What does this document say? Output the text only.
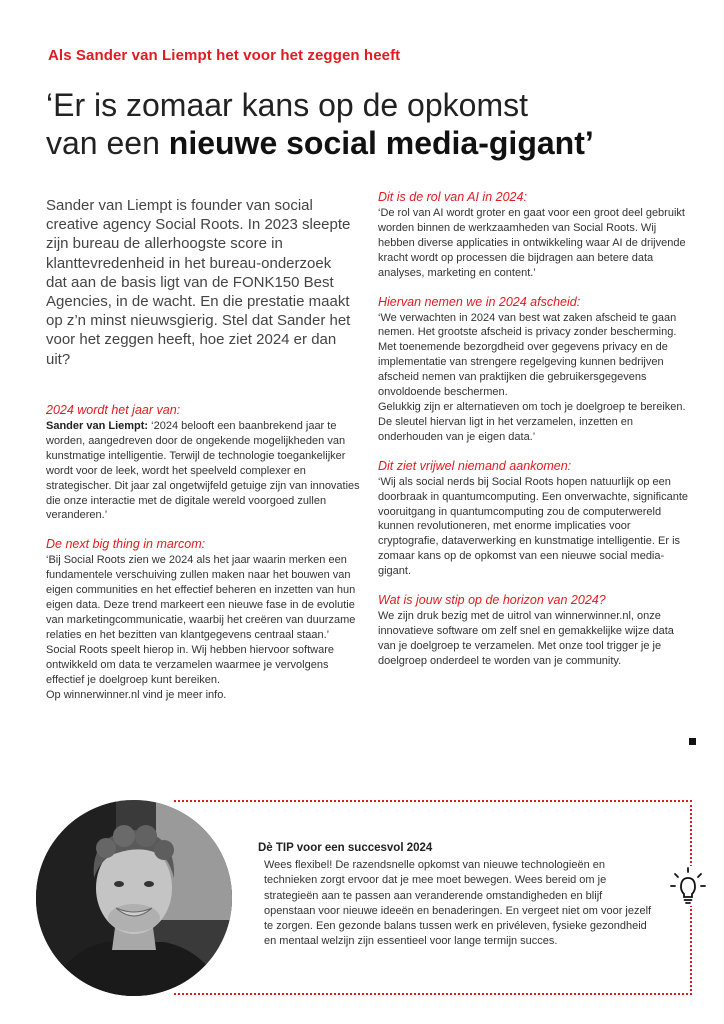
Als Sander van Liempt het voor het zeggen heeft
‘Er is zomaar kans op de opkomst
van een nieuwe social media-gigant’
Sander van Liempt is founder van social creative agency Social Roots. In 2023 sleepte zijn bureau de allerhoogste score in klanttevredenheid in het bureau-onderzoek dat aan de basis ligt van de FONK150 Best Agencies, in de wacht. En die prestatie maakt op z’n minst nieuwsgierig. Stel dat Sander het voor het zeggen heeft, hoe ziet 2024 er dan uit?
2024 wordt het jaar van:

Sander van Liempt: ‘2024 belooft een baanbrekend jaar te worden, aangedreven door de ongekende mogelijkheden van kunstmatige intelligentie. Terwijl de technologie toegankelijker wordt voor de leek, wordt het speelveld complexer en strategischer. Dit jaar zal ongetwijfeld getuige zijn van innovaties die onze interactie met de digitale wereld voorgoed zullen veranderen.’

De next big thing in marcom:

‘Bij Social Roots zien we 2024 als het jaar waarin merken een fundamentele verschuiving zullen maken naar het bouwen van eigen communities en het effectief beheren en inzetten van hun eigen data. Deze trend markeert een nieuwe fase in de evolutie van marketingcommunicatie, waarbij het creëren van duurzame relaties en het bezitten van klantgegevens centraal staan.’

Social Roots speelt hierop in. Wij hebben hiervoor software ontwikkeld om data te verzamelen waarmee je vervolgens effectief je doelgroep kunt bereiken.

Op winnerwinner.nl vind je meer info.

Dit is de rol van AI in 2024:

‘De rol van AI wordt groter en gaat voor een groot deel gebruikt worden binnen de werkzaamheden van Social Roots. Wij hebben diverse applicaties in ontwikkeling waar AI de drijvende kracht wordt op processen die bijdragen aan betere data analyses, marketing en content.’

Hiervan nemen we in 2024 afscheid:

‘We verwachten in 2024 van best wat zaken afscheid te gaan nemen. Het grootste afscheid is privacy zonder bescherming. Met toenemende bezorgdheid over gegevens privacy en de implementatie van strengere regelgeving kunnen bedrijven afscheid nemen van praktijken die gebruikersgegevens onvoldoende beschermen.

Gelukkig zijn er alternatieven om toch je doelgroep te bereiken. De sleutel hiervan ligt in het verzamelen, inzetten en onderhouden van je eigen data.’

Dit ziet vrijwel niemand aankomen:

‘Wij als social nerds bij Social Roots hopen natuurlijk op een doorbraak in quantumcomputing. Een onverwachte, significante vooruitgang in quantumcomputing zou de computerwereld kunnen revolutioneren, met enorme implicaties voor cryptografie, dataverwerking en kunstmatige intelligentie. Er is zomaar kans op de opkomst van een nieuwe social media-gigant.

Wat is jouw stip op de horizon van 2024?

We zijn druk bezig met de uitrol van winnerwinner.nl, onze innovatieve software om zelf snel en gemakkelijke wijze data van je doelgroep te verzamelen. Met onze tool trigger je je doelgroep onderdeel te worden van je community.

Dè TIP voor een succesvol 2024
Wees flexibel! De razendsnelle opkomst van nieuwe technologieën en technieken zorgt ervoor dat je mee moet bewegen. Wees bereid om je strategieën aan te passen aan veranderende omstandigheden en blijf openstaan voor nieuwe ideeën en benaderingen. En vergeet niet om voor jezelf te zorgen. Een gezonde balans tussen werk en privéleven, fysieke gezondheid en mentaal welzijn zijn essentieel voor lange termijn succes.
